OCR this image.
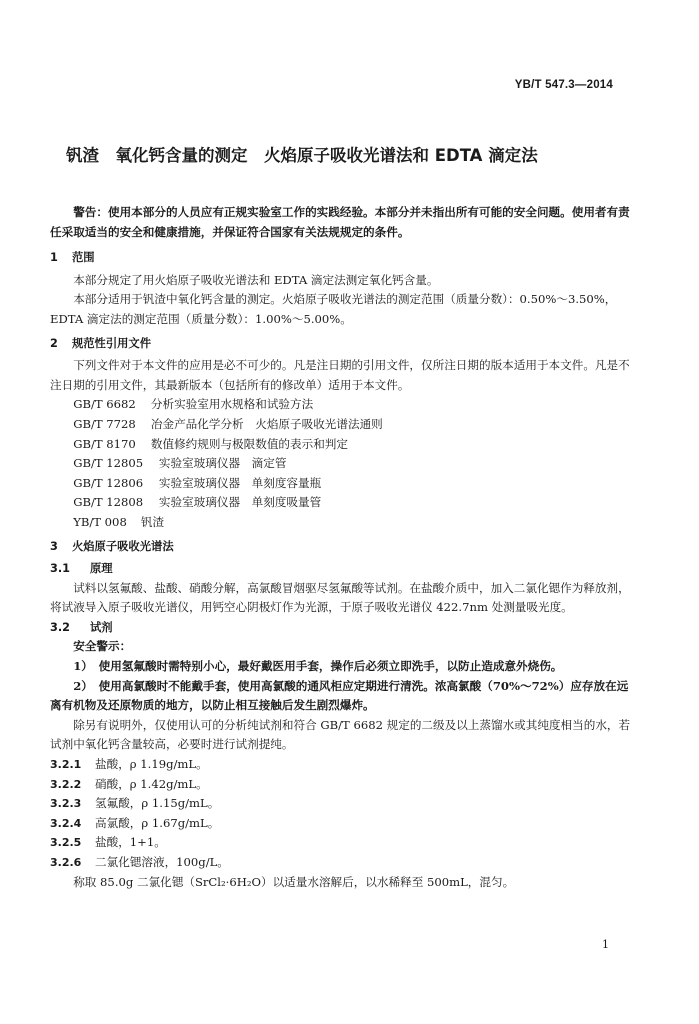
YB/T 547.3—2014
钒渣　氧化钙含量的测定　火焰原子吸收光谱法和 EDTA 滴定法

警告：使用本部分的人员应有正规实验室工作的实践经验。本部分并未指出所有可能的安全问题。使用者有责任采取适当的安全和健康措施，并保证符合国家有关法规规定的条件。

1 范围

本部分规定了用火焰原子吸收光谱法和 EDTA 滴定法测定氧化钙含量。

本部分适用于钒渣中氧化钙含量的测定。火焰原子吸收光谱法的测定范围（质量分数）：0.50%～3.50%，EDTA 滴定法的测定范围（质量分数）：1.00%～5.00%。

2 规范性引用文件

下列文件对于本文件的应用是必不可少的。凡是注日期的引用文件，仅所注日期的版本适用于本文件。凡是不注日期的引用文件，其最新版本（包括所有的修改单）适用于本文件。

GB/T 6682 分析实验室用水规格和试验方法

GB/T 7728 冶金产品化学分析　火焰原子吸收光谱法通则

GB/T 8170 数值修约规则与极限数值的表示和判定

GB/T 12805 实验室玻璃仪器　滴定管

GB/T 12806 实验室玻璃仪器　单刻度容量瓶

GB/T 12808 实验室玻璃仪器　单刻度吸量管

YB/T 008 钒渣

3 火焰原子吸收光谱法

3.1 原理

试料以氢氟酸、盐酸、硝酸分解，高氯酸冒烟驱尽氢氟酸等试剂。在盐酸介质中，加入二氯化锶作为释放剂，将试液导入原子吸收光谱仪，用钙空心阴极灯作为光源，于原子吸收光谱仪 422.7nm 处测量吸光度。

3.2 试剂

安全警示：

1）　使用氢氟酸时需特别小心，最好戴医用手套，操作后必须立即洗手，以防止造成意外烧伤。

2）　使用高氯酸时不能戴手套，使用高氯酸的通风柜应定期进行清洗。浓高氯酸（70%～72%）应存放在远离有机物及还原物质的地方，以防止相互接触后发生剧烈爆炸。

除另有说明外，仅使用认可的分析纯试剂和符合 GB/T 6682 规定的二级及以上蒸馏水或其纯度相当的水，若试剂中氧化钙含量较高，必要时进行试剂提纯。

3.2.1 盐酸，ρ 1.19g/mL。

3.2.2 硝酸，ρ 1.42g/mL。

3.2.3 氢氟酸，ρ 1.15g/mL。

3.2.4 高氯酸，ρ 1.67g/mL。

3.2.5 盐酸，1+1。

3.2.6 二氯化锶溶液，100g/L。

称取 85.0g 二氯化锶（SrCl₂·6H₂O）以适量水溶解后，以水稀释至 500mL，混匀。

1
